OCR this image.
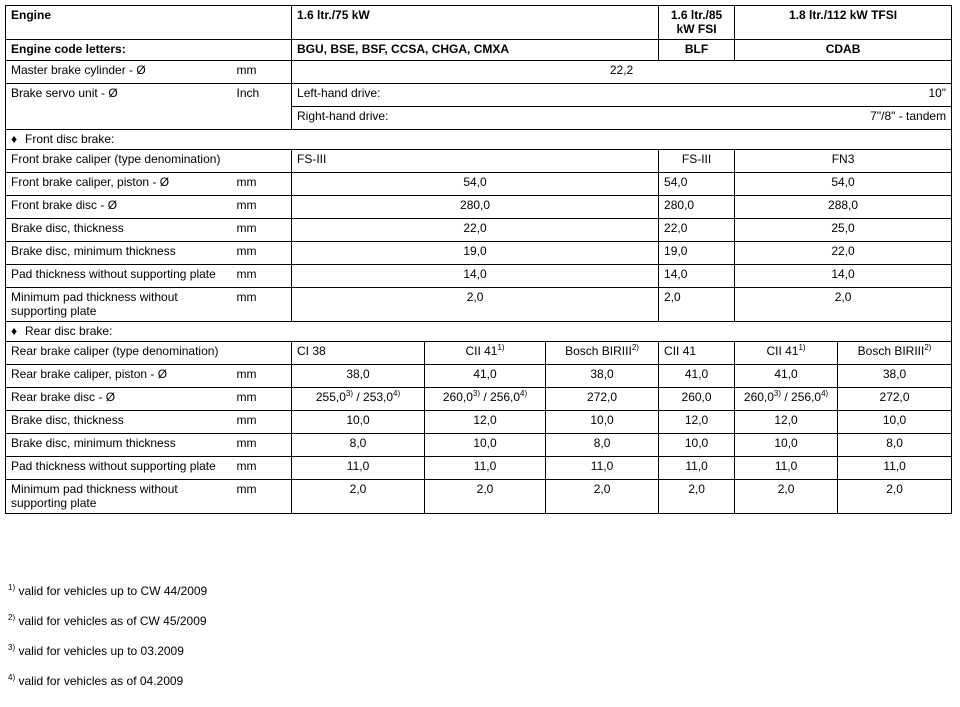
Engine		1.6 ltr./75 kW			1.6 ltr./85 kW FSI	1.8 ltr./112 kW TFSI	
Engine code letters:		BGU, BSE, BSF, CCSA, CHGA, CMXA			BLF	CDAB	
Master brake cylinder - Ø	mm	22,2					
Brake servo unit - Ø	Inch	Left-hand drive:			10"		
		Right-hand drive:			7"/8" - tandem		
♦ Front disc brake:							
Front brake caliper (type denomination)		FS-III			FS-III	FN3	
Front brake caliper, piston - Ø	mm	54,0			54,0	54,0	
Front brake disc - Ø	mm	280,0			280,0	288,0	
Brake disc, thickness	mm	22,0			22,0	25,0	
Brake disc, minimum thickness	mm	19,0			19,0	22,0	
Pad thickness without supporting plate	mm	14,0			14,0	14,0	
Minimum pad thickness without supporting plate	mm	2,0			2,0	2,0	
♦ Rear disc brake:							
Rear brake caliper (type denomination)		CI 38	CII 41$^{1)}$	Bosch BIRIII$^{2)}$	CII 41	CII 41$^{1)}$	Bosch BIRIII$^{2)}$
Rear brake caliper, piston - Ø	mm	38,0	41,0	38,0	41,0	41,0	38,0
Rear brake disc - Ø	mm	255,0$^{3)}$ / 253,0$^{4)}$	260,0$^{3)}$ / 256,0$^{4)}$	272,0	260,0	260,0$^{3)}$ / 256,0$^{4)}$	272,0
Brake disc, thickness	mm	10,0	12,0	10,0	12,0	12,0	10,0
Brake disc, minimum thickness	mm	8,0	10,0	8,0	10,0	10,0	8,0
Pad thickness without supporting plate	mm	11,0	11,0	11,0	11,0	11,0	11,0
Minimum pad thickness without supporting plate	mm	2,0	2,0	2,0	2,0	2,0	2,0
$^{1)}$ valid for vehicles up to CW 44/2009
$^{2)}$ valid for vehicles as of CW 45/2009
$^{3)}$ valid for vehicles up to 03.2009
$^{4)}$ valid for vehicles as of 04.2009
